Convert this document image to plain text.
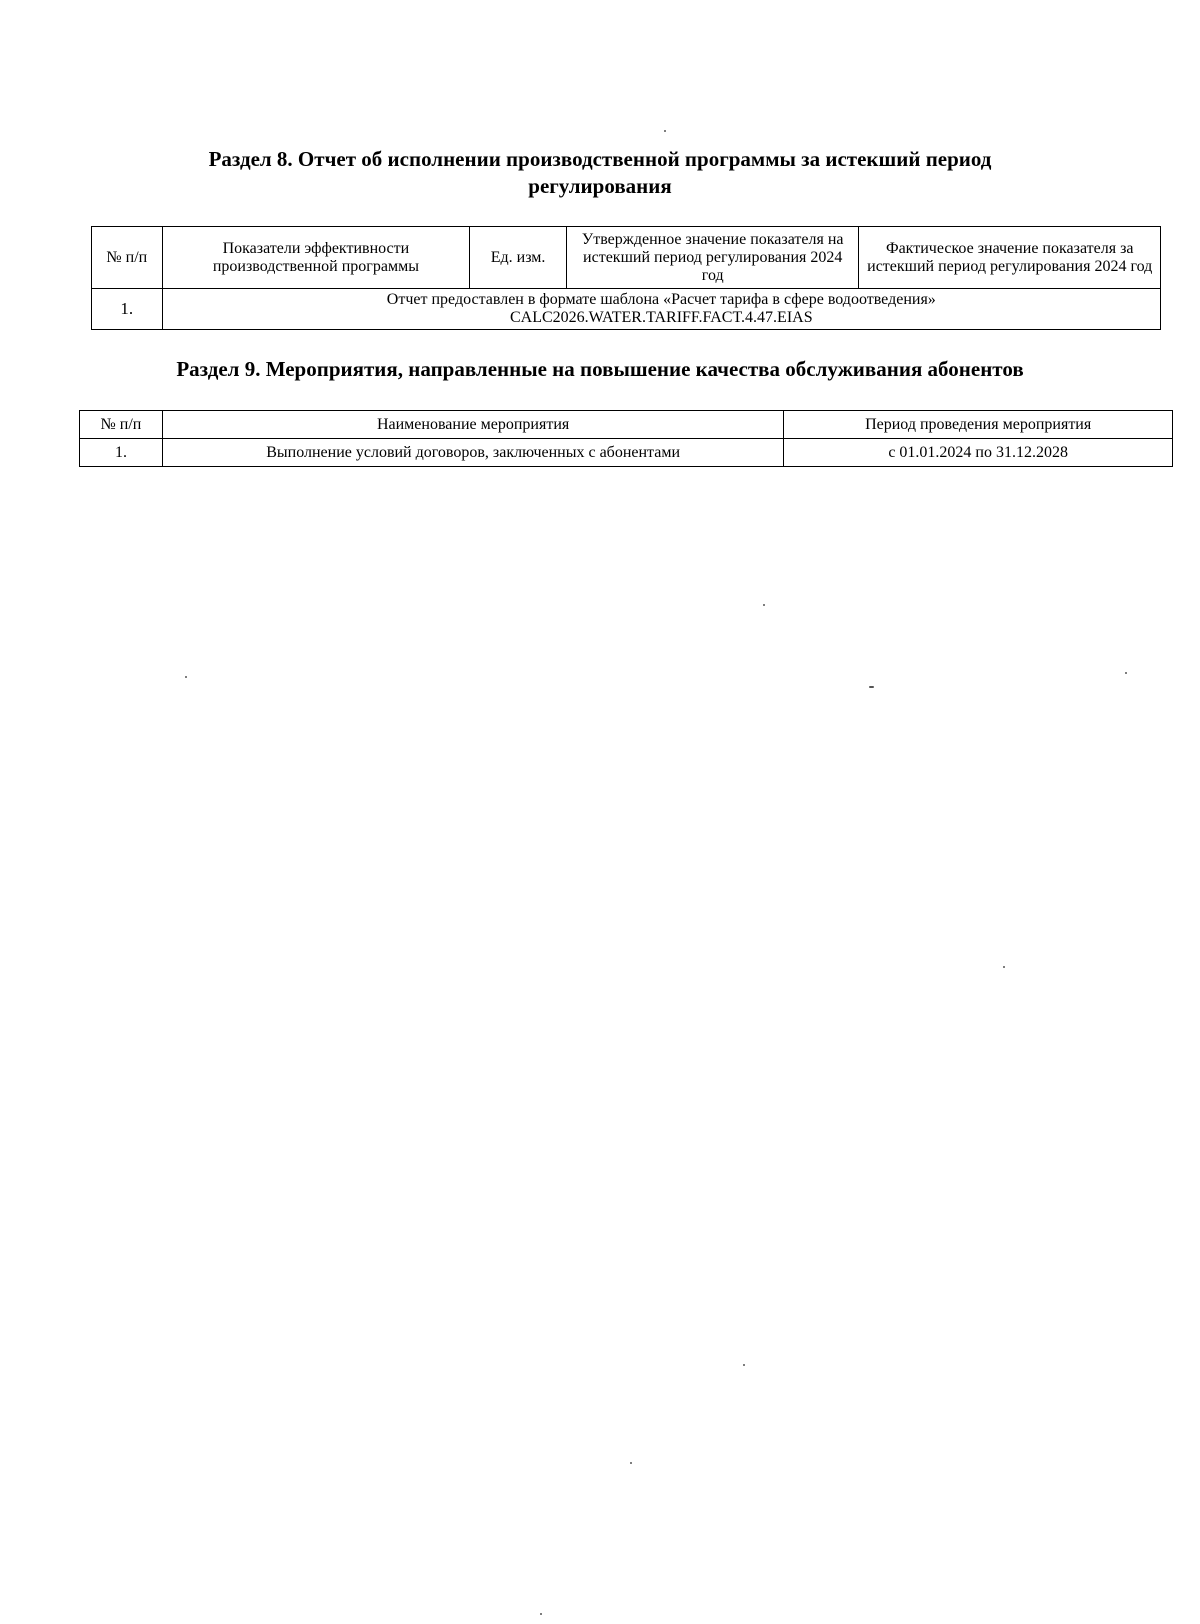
Раздел 8. Отчет об исполнении производственной программы за истекший период регулирования
№ п/п	Показатели эффективности производственной программы	Ед. изм.	Утвержденное значение показателя на истекший период регулирования 2024 год	Фактическое значение показателя за истекший период регулирования 2024 год
1.	Отчет предоставлен в формате шаблона «Расчет тарифа в сфере водоотведения»
CALC2026.WATER.TARIFF.FACT.4.47.EIAS			
Раздел 9. Мероприятия, направленные на повышение качества обслуживания абонентов
№ п/п	Наименование мероприятия	Период проведения мероприятия
1.	Выполнение условий договоров, заключенных с абонентами	с 01.01.2024 по 31.12.2028
